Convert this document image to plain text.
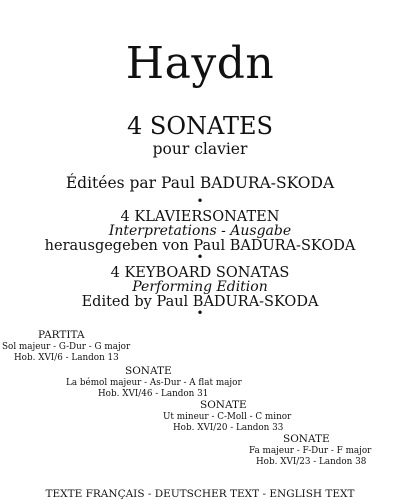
Haydn
4 SONATES
pour clavier
Éditées par Paul BADURA-SKODA
•
4 KLAVIERSONATEN
Interpretations - Ausgabe
herausgegeben von Paul BADURA-SKODA
•
4 KEYBOARD SONATAS
Performing Edition
Edited by Paul BADURA-SKODA
•
PARTITA
Sol majeur - G-Dur - G major
Hob. XVI/6 - Landon 13
SONATE
La bémol majeur - As-Dur - A flat major
Hob. XVI/46 - Landon 31
SONATE
Ut mineur - C-Moll - C minor
Hob. XVI/20 - Landon 33
SONATE
Fa majeur - F-Dur - F major
Hob. XVI/23 - Landon 38
TEXTE FRANÇAIS - DEUTSCHER TEXT - ENGLISH TEXT
